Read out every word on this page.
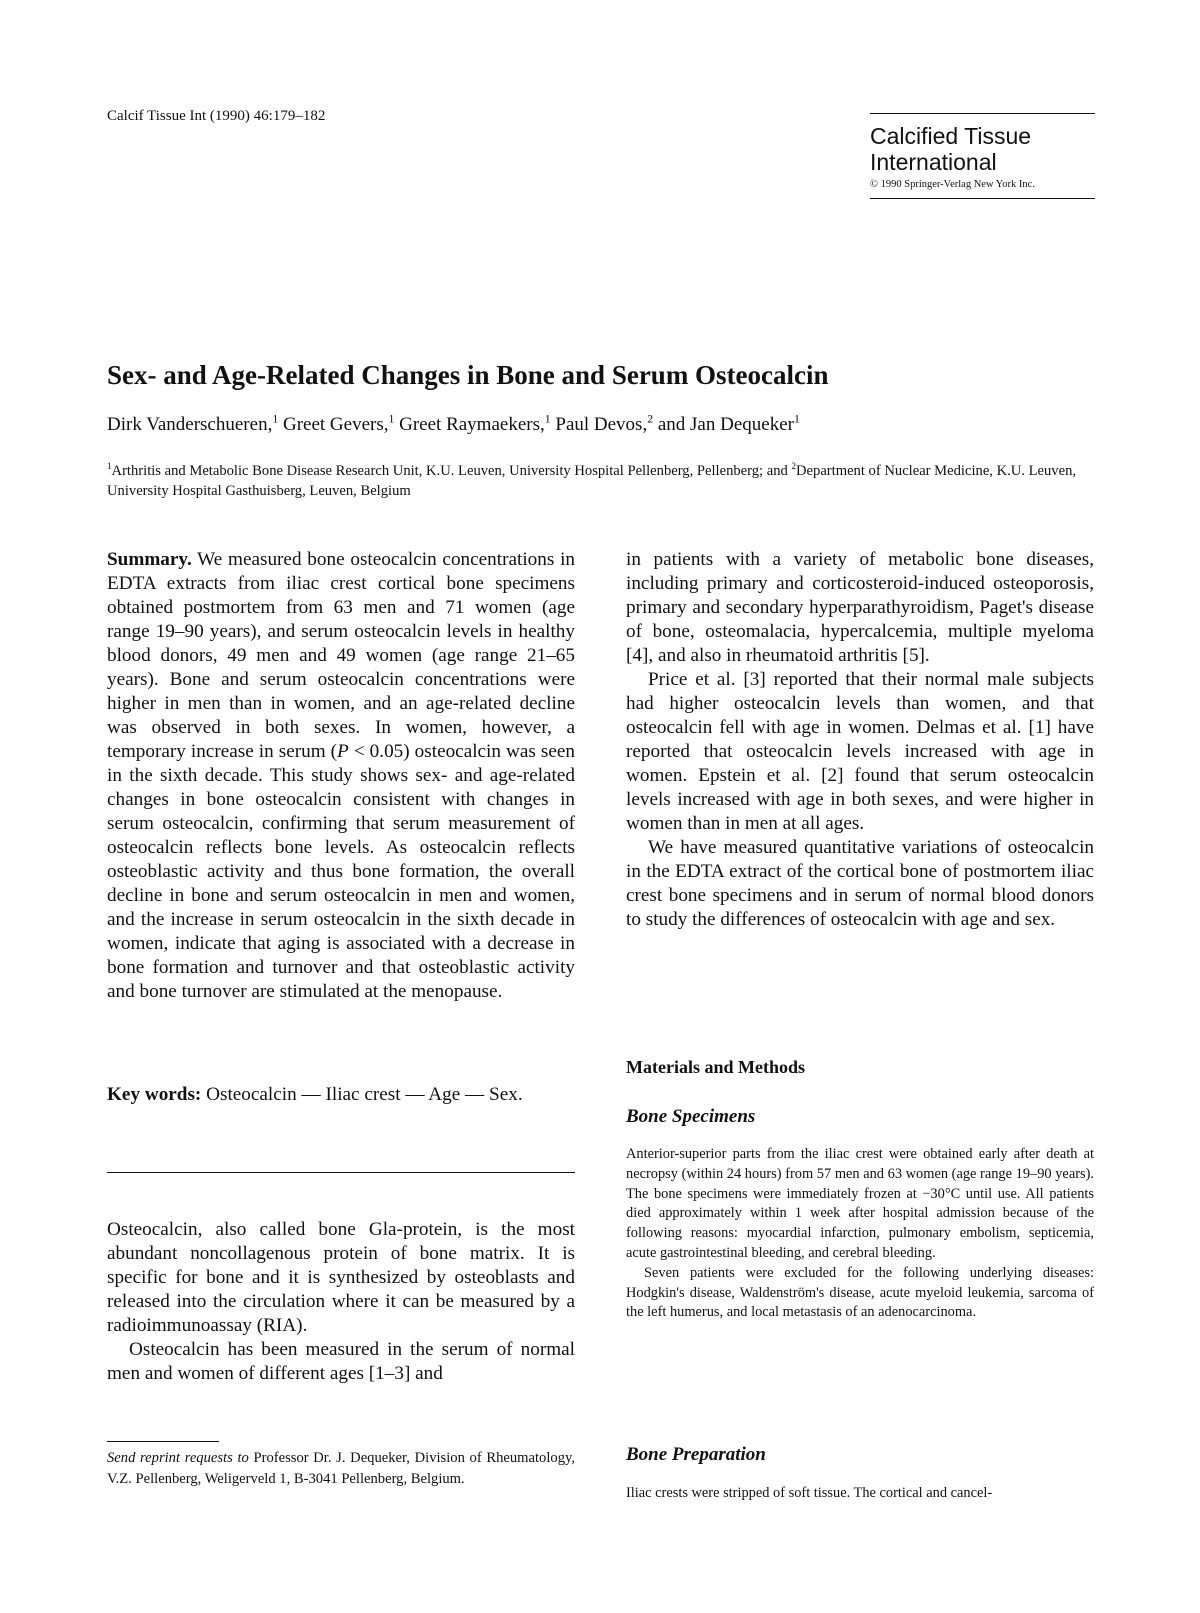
Calcif Tissue Int (1990) 46:179–182
Calcified Tissue
International
© 1990 Springer-Verlag New York Inc.
Sex- and Age-Related Changes in Bone and Serum Osteocalcin
Dirk Vanderschueren,$^1$ Greet Gevers,$^1$ Greet Raymaekers,$^1$ Paul Devos,$^2$ and Jan Dequeker$^1$
$^1$Arthritis and Metabolic Bone Disease Research Unit, K.U. Leuven, University Hospital Pellenberg, Pellenberg; and $^2$Department of Nuclear Medicine, K.U. Leuven, University Hospital Gasthuisberg, Leuven, Belgium

Summary. We measured bone osteocalcin concentrations in EDTA extracts from iliac crest cortical bone specimens obtained postmortem from 63 men and 71 women (age range 19–90 years), and serum osteocalcin levels in healthy blood donors, 49 men and 49 women (age range 21–65 years). Bone and serum osteocalcin concentrations were higher in men than in women, and an age-related decline was observed in both sexes. In women, however, a temporary increase in serum (P < 0.05) osteocalcin was seen in the sixth decade. This study shows sex- and age-related changes in bone osteocalcin consistent with changes in serum osteocalcin, confirming that serum measurement of osteocalcin reflects bone levels. As osteocalcin reflects osteoblastic activity and thus bone formation, the overall decline in bone and serum osteocalcin in men and women, and the increase in serum osteocalcin in the sixth decade in women, indicate that aging is associated with a decrease in bone formation and turnover and that osteoblastic activity and bone turnover are stimulated at the menopause.

Key words: Osteocalcin — Iliac crest — Age — Sex.

Osteocalcin, also called bone Gla-protein, is the most abundant noncollagenous protein of bone matrix. It is specific for bone and it is synthesized by osteoblasts and released into the circulation where it can be measured by a radioimmunoassay (RIA).

Osteocalcin has been measured in the serum of normal men and women of different ages [1–3] and

Send reprint requests to Professor Dr. J. Dequeker, Division of Rheumatology, V.Z. Pellenberg, Weligerveld 1, B-3041 Pellenberg, Belgium.

in patients with a variety of metabolic bone diseases, including primary and corticosteroid-induced osteoporosis, primary and secondary hyperparathyroidism, Paget's disease of bone, osteomalacia, hypercalcemia, multiple myeloma [4], and also in rheumatoid arthritis [5].

Price et al. [3] reported that their normal male subjects had higher osteocalcin levels than women, and that osteocalcin fell with age in women. Delmas et al. [1] have reported that osteocalcin levels increased with age in women. Epstein et al. [2] found that serum osteocalcin levels increased with age in both sexes, and were higher in women than in men at all ages.

We have measured quantitative variations of osteocalcin in the EDTA extract of the cortical bone of postmortem iliac crest bone specimens and in serum of normal blood donors to study the differences of osteocalcin with age and sex.

Materials and Methods
Bone Specimens

Anterior-superior parts from the iliac crest were obtained early after death at necropsy (within 24 hours) from 57 men and 63 women (age range 19–90 years). The bone specimens were immediately frozen at −30°C until use. All patients died approximately within 1 week after hospital admission because of the following reasons: myocardial infarction, pulmonary embolism, septicemia, acute gastrointestinal bleeding, and cerebral bleeding.

Seven patients were excluded for the following underlying diseases: Hodgkin's disease, Waldenström's disease, acute myeloid leukemia, sarcoma of the left humerus, and local metastasis of an adenocarcinoma.

Bone Preparation

Iliac crests were stripped of soft tissue. The cortical and cancel-
